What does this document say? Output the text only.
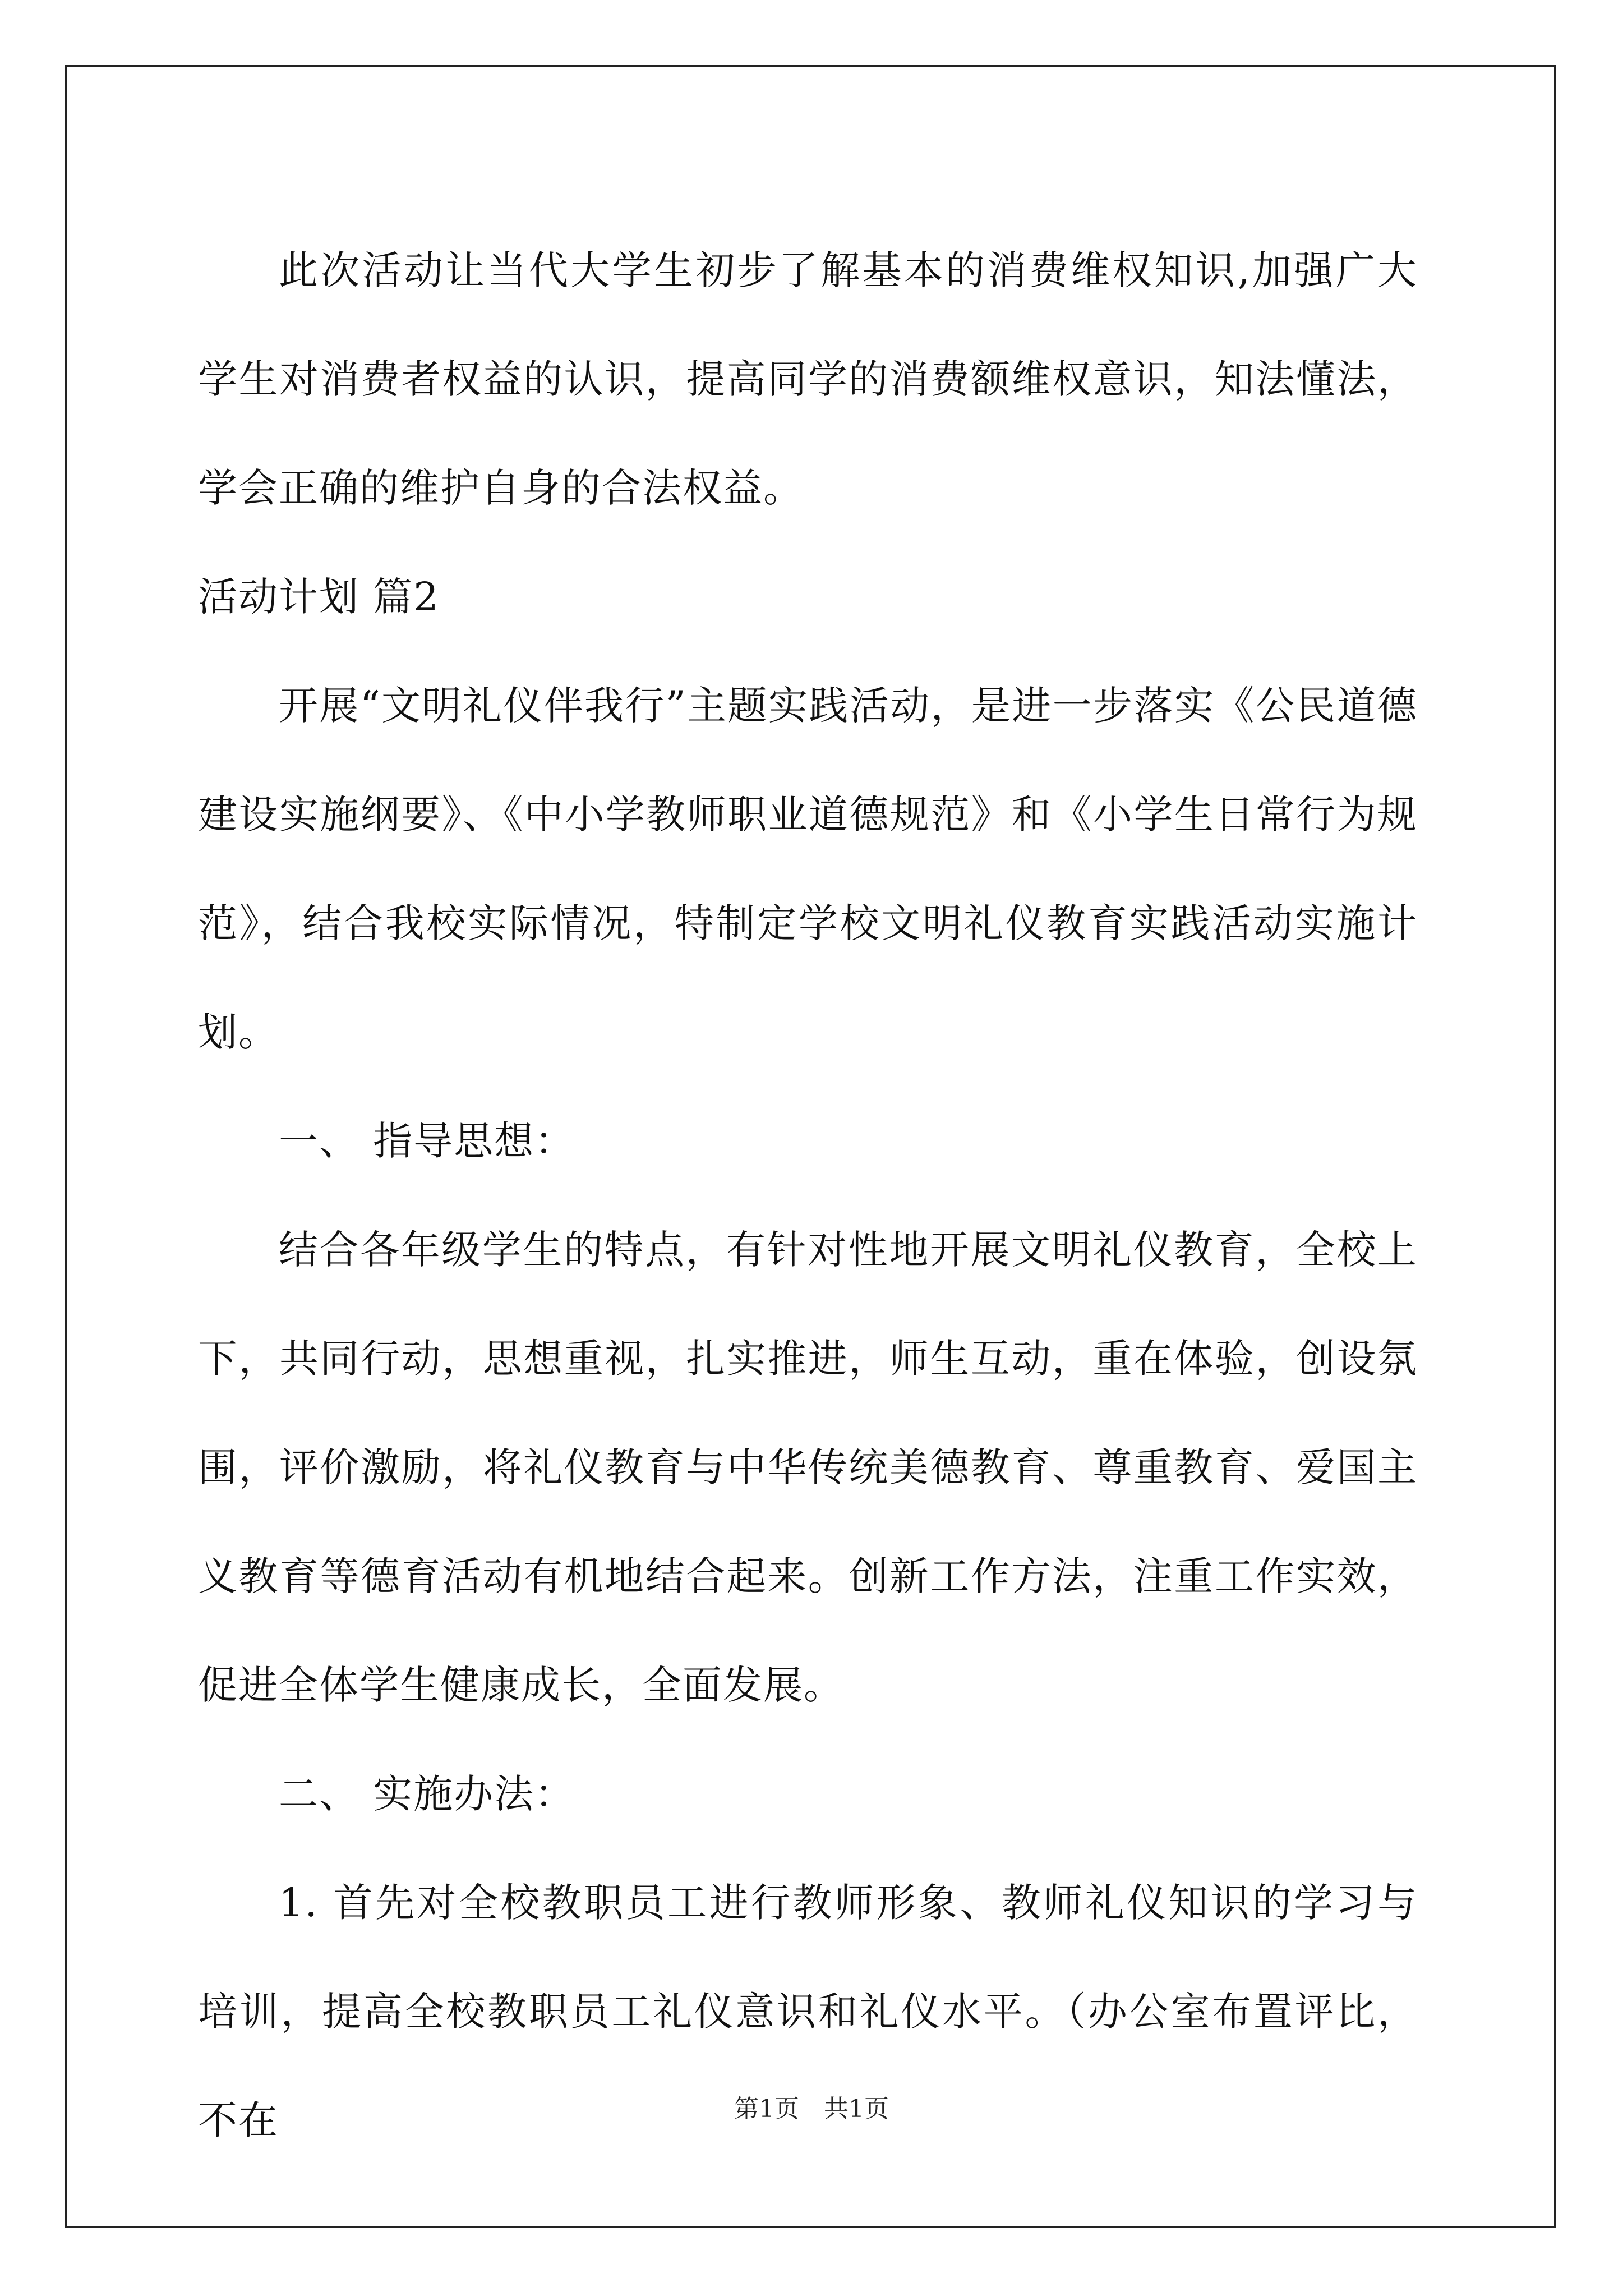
此次活动让当代大学生初步了解基本的消费维权知识,加强广大学生对消费者权益的认识，提高同学的消费额维权意识，知法懂法，学会正确的维护自身的合法权益。

活动计划 篇2

开展“文明礼仪伴我行”主题实践活动，是进一步落实《公民道德建设实施纲要》、《中小学教师职业道德规范》和《小学生日常行为规范》，结合我校实际情况，特制定学校文明礼仪教育实践活动实施计划。

一、 指导思想：

结合各年级学生的特点，有针对性地开展文明礼仪教育，全校上下，共同行动，思想重视，扎实推进，师生互动，重在体验，创设氛围，评价激励，将礼仪教育与中华传统美德教育、尊重教育、爱国主义教育等德育活动有机地结合起来。创新工作方法，注重工作实效，促进全体学生健康成长，全面发展。

二、 实施办法：

1. 首先对全校教职员工进行教师形象、教师礼仪知识的学习与培训，提高全校教职员工礼仪意识和礼仪水平。（办公室布置评比，不在	第1页　共1页
